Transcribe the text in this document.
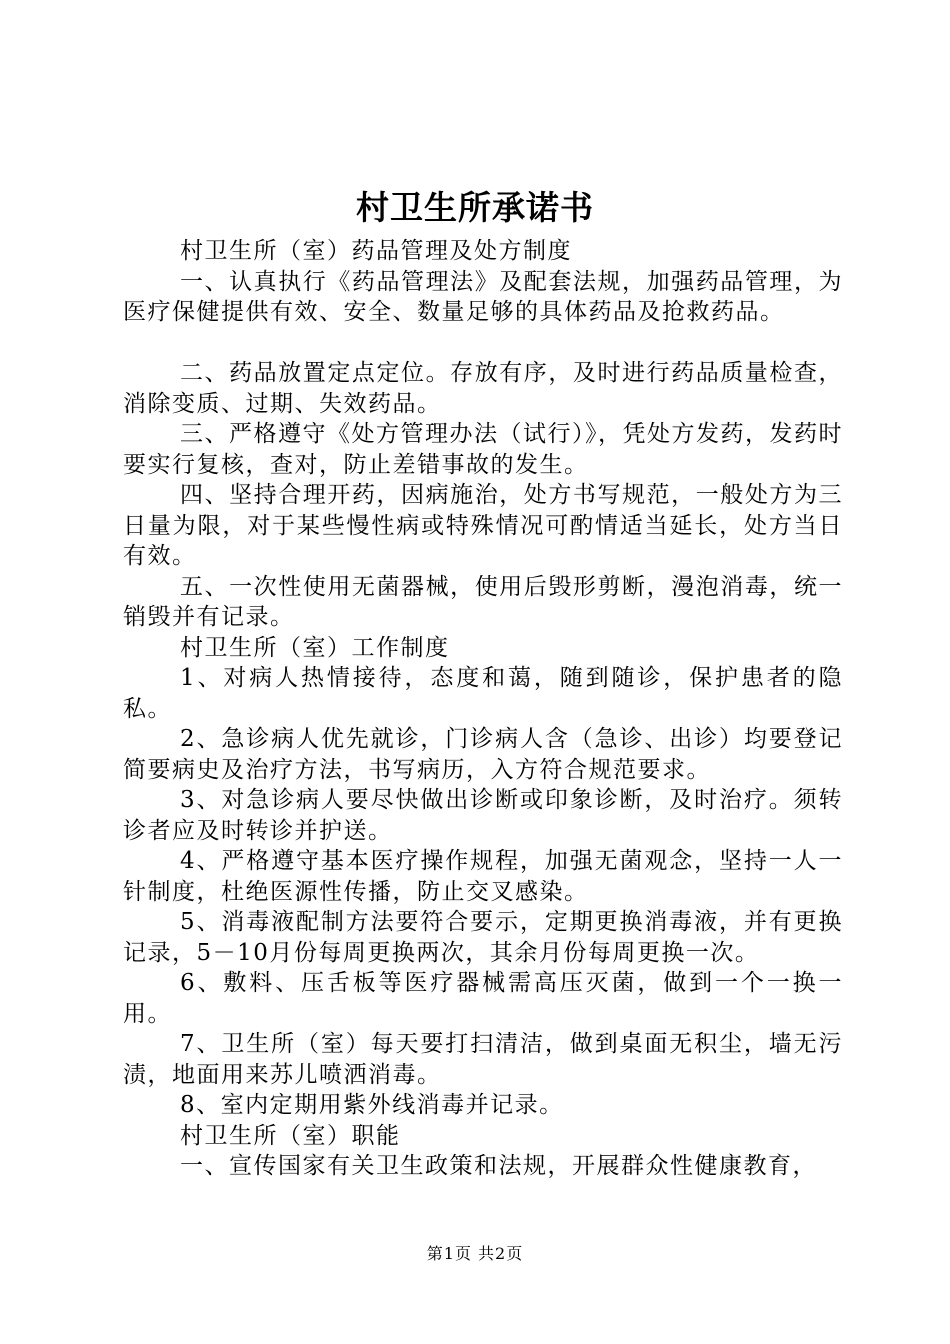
村卫生所承诺书

村卫生所（室）药品管理及处方制度

一、认真执行《药品管理法》及配套法规，加强药品管理，为医疗保健提供有效、安全、数量足够的具体药品及抢救药品。

二、药品放置定点定位。存放有序，及时进行药品质量检查，消除变质、过期、失效药品。

三、严格遵守《处方管理办法（试行）》，凭处方发药，发药时要实行复核，查对，防止差错事故的发生。

四、坚持合理开药，因病施治，处方书写规范，一般处方为三日量为限，对于某些慢性病或特殊情况可酌情适当延长，处方当日有效。

五、一次性使用无菌器械，使用后毁形剪断，漫泡消毒，统一销毁并有记录。

村卫生所（室）工作制度

1、对病人热情接待，态度和蔼，随到随诊，保护患者的隐私。

2、急诊病人优先就诊，门诊病人含（急诊、出诊）均要登记简要病史及治疗方法，书写病历，入方符合规范要求。

3、对急诊病人要尽快做出诊断或印象诊断，及时治疗。须转诊者应及时转诊并护送。

4、严格遵守基本医疗操作规程，加强无菌观念，坚持一人一针制度，杜绝医源性传播，防止交叉感染。

5、消毒液配制方法要符合要示，定期更换消毒液，并有更换记录，5－10月份每周更换两次，其余月份每周更换一次。

6、敷料、压舌板等医疗器械需高压灭菌，做到一个一换一用。

7、卫生所（室）每天要打扫清洁，做到桌面无积尘，墙无污渍，地面用来苏儿喷洒消毒。

8、室内定期用紫外线消毒并记录。

村卫生所（室）职能

一、宣传国家有关卫生政策和法规，开展群众性健康教育，

第1页 共2页
